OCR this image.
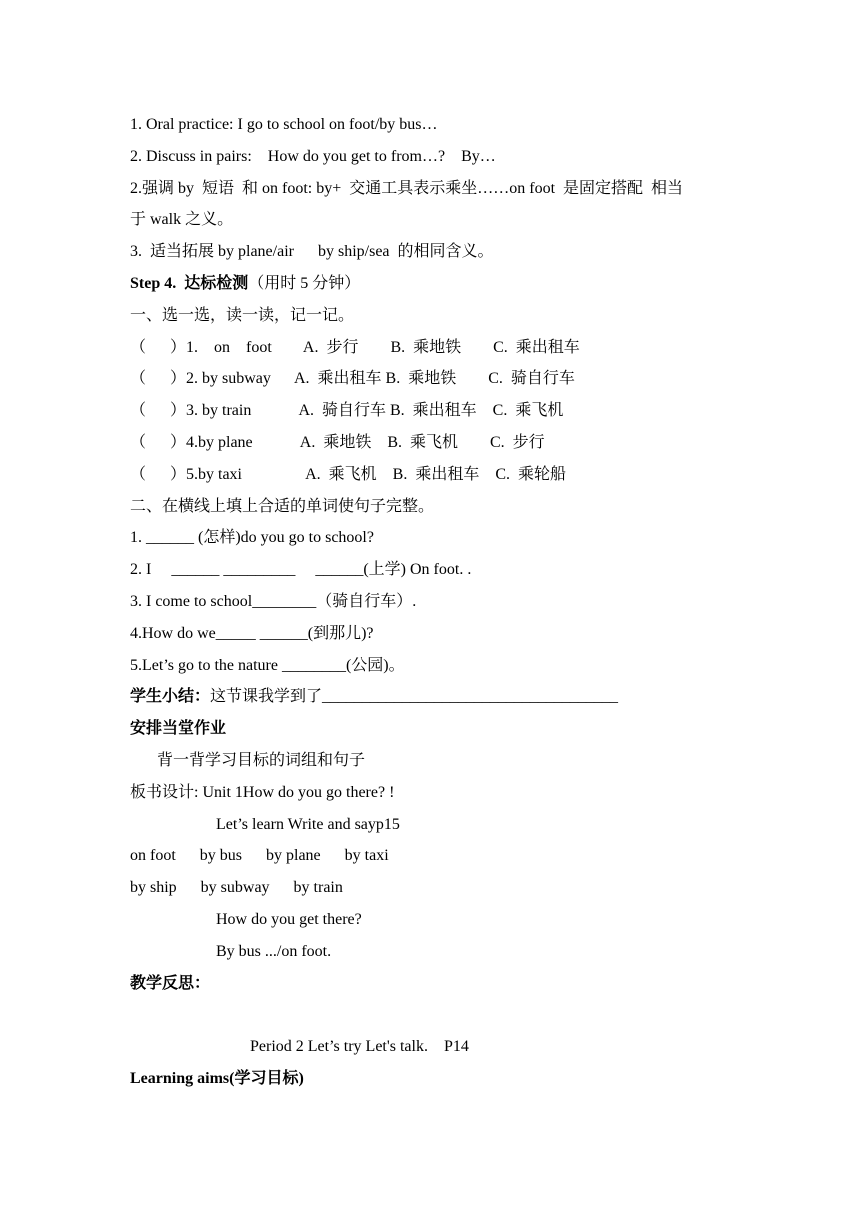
1. Oral practice: I go to school on foot/by bus…
2. Discuss in pairs:    How do you get to from…?    By…
2.强调 by  短语  和 on foot: by+  交通工具表示乘坐……on foot  是固定搭配  相当
于 walk 之义。
3.  适当拓展 by plane/air      by ship/sea  的相同含义。
Step 4.  达标检测（用时 5 分钟）
一、选一选，读一读，记一记。
（      ）1.    on    foot        A.  步行        B.  乘地铁        C.  乘出租车
（      ）2. by subway      A.  乘出租车 B.  乘地铁        C.  骑自行车
（      ）3. by train            A.  骑自行车 B.  乘出租车    C.  乘飞机
（      ）4.by plane            A.  乘地铁    B.  乘飞机        C.  步行
（      ）5.by taxi                A.  乘飞机    B.  乘出租车    C.  乘轮船
二、在横线上填上合适的单词使句子完整。
1. ______ (怎样)do you go to school?
2. I     ______ _________     ______(上学) On foot. .
3. I come to school________（骑自行车）.
4.How do we_____ ______(到那儿)?
5.Let’s go to the nature ________(公园)。
学生小结：这节课我学到了_____________________________________
安排当堂作业
背一背学习目标的词组和句子
板书设计: Unit 1How do you go there? !
Let’s learn Write and sayp15
on foot      by bus      by plane      by taxi
by ship      by subway      by train
How do you get there?
By bus .../on foot.
教学反思：
Period 2 Let’s try Let's talk.    P14
Learning aims(学习目标)
